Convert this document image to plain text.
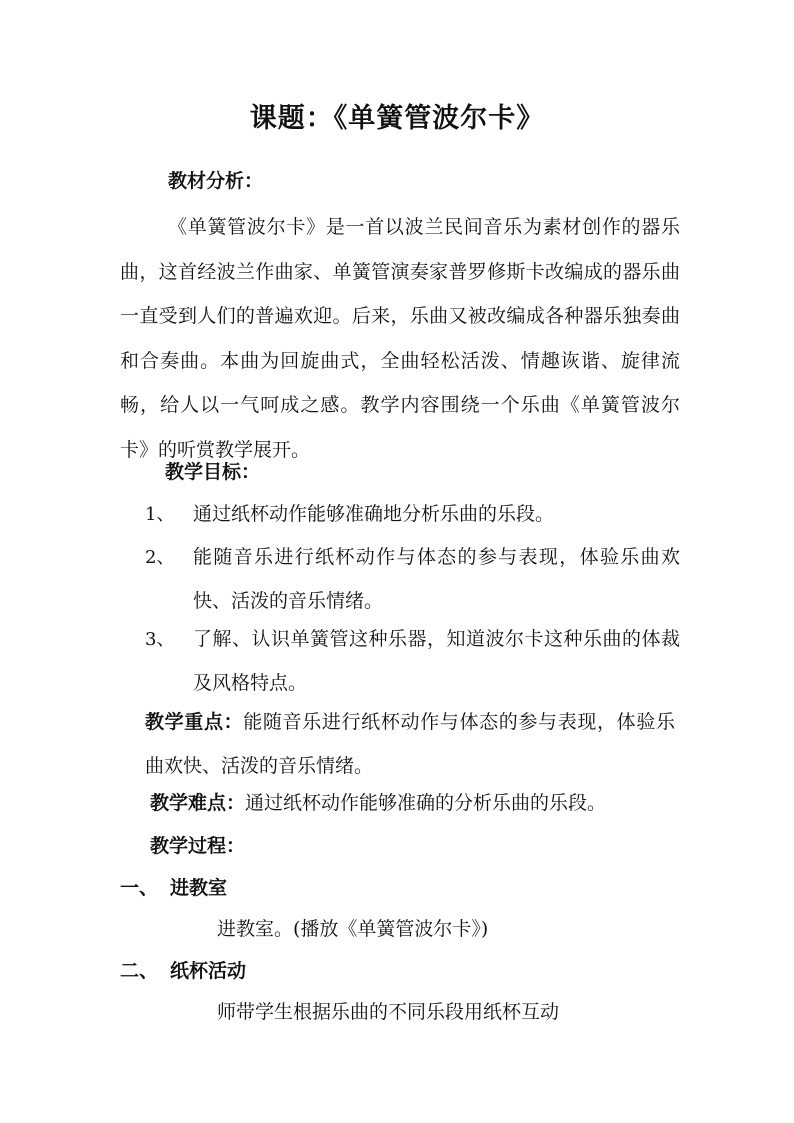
课题：《单簧管波尔卡》
教材分析：

《单簧管波尔卡》是一首以波兰民间音乐为素材创作的器乐曲，这首经波兰作曲家、单簧管演奏家普罗修斯卡改编成的器乐曲一直受到人们的普遍欢迎。后来，乐曲又被改编成各种器乐独奏曲和合奏曲。本曲为回旋曲式，全曲轻松活泼、情趣诙谐、旋律流畅，给人以一气呵成之感。教学内容围绕一个乐曲《单簧管波尔卡》的听赏教学展开。

教学目标：
1、 通过纸杯动作能够准确地分析乐曲的乐段。

2、 能随音乐进行纸杯动作与体态的参与表现，体验乐曲欢快、活泼的音乐情绪。

3、 了解、认识单簧管这种乐器，知道波尔卡这种乐曲的体裁及风格特点。

教学重点：能随音乐进行纸杯动作与体态的参与表现，体验乐曲欢快、活泼的音乐情绪。

教学难点：通过纸杯动作能够准确的分析乐曲的乐段。

教学过程：
一、 进教室
进教室。(播放《单簧管波尔卡》)
二、 纸杯活动
师带学生根据乐曲的不同乐段用纸杯互动
